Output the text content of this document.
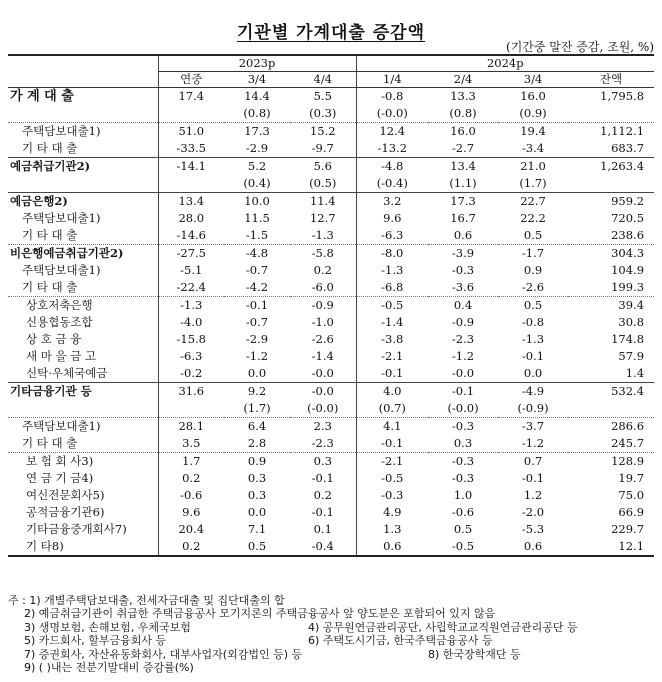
기관별 가계대출 증감액
(기간중 말잔 증감, 조원, %)
	2023p			2024p			
	연중	3/4	4/4	1/4	2/4	3/4	잔액
가 계 대 출	17.4	14.4	5.5	-0.8	13.3	16.0	1,795.8
		(0.8)	(0.3)	(-0.0)	(0.8)	(0.9)	
주택담보대출1)	51.0	17.3	15.2	12.4	16.0	19.4	1,112.1
기 타 대 출	-33.5	-2.9	-9.7	-13.2	-2.7	-3.4	683.7
예금취급기관2)	-14.1	5.2	5.6	-4.8	13.4	21.0	1,263.4
		(0.4)	(0.5)	(-0.4)	(1.1)	(1.7)	
예금은행2)	13.4	10.0	11.4	3.2	17.3	22.7	959.2
주택담보대출1)	28.0	11.5	12.7	9.6	16.7	22.2	720.5
기 타 대 출	-14.6	-1.5	-1.3	-6.3	0.6	0.5	238.6
비은행예금취급기관2)	-27.5	-4.8	-5.8	-8.0	-3.9	-1.7	304.3
주택담보대출1)	-5.1	-0.7	0.2	-1.3	-0.3	0.9	104.9
기 타 대 출	-22.4	-4.2	-6.0	-6.8	-3.6	-2.6	199.3
상호저축은행	-1.3	-0.1	-0.9	-0.5	0.4	0.5	39.4
신용협동조합	-4.0	-0.7	-1.0	-1.4	-0.9	-0.8	30.8
상 호 금 융	-15.8	-2.9	-2.6	-3.8	-2.3	-1.3	174.8
새 마 을 금 고	-6.3	-1.2	-1.4	-2.1	-1.2	-0.1	57.9
신탁·우체국예금	-0.2	0.0	-0.0	-0.1	-0.0	0.0	1.4
기타금융기관 등	31.6	9.2	-0.0	4.0	-0.1	-4.9	532.4
		(1.7)	(-0.0)	(0.7)	(-0.0)	(-0.9)	
주택담보대출1)	28.1	6.4	2.3	4.1	-0.3	-3.7	286.6
기 타 대 출	3.5	2.8	-2.3	-0.1	0.3	-1.2	245.7
보 험 회 사3)	1.7	0.9	0.3	-2.1	-0.3	0.7	128.9
연 금 기 금4)	0.2	0.3	-0.1	-0.5	-0.3	-0.1	19.7
여신전문회사5)	-0.6	0.3	0.2	-0.3	1.0	1.2	75.0
공적금융기관6)	9.6	0.0	-0.1	4.9	-0.6	-2.0	66.9
기타금융중개회사7)	20.4	7.1	0.1	1.3	0.5	-5.3	229.7
기 타8)	0.2	0.5	-0.4	0.6	-0.5	0.6	12.1
주 : 1) 개별주택담보대출, 전세자금대출 및 집단대출의 합
2) 예금취급기관이 취급한 주택금융공사 모기지론의 주택금융공사 앞 양도분은 포함되어 있지 않음
3) 생명보험, 손해보험, 우체국보험	4) 공무원연금관리공단, 사립학교교직원연금관리공단 등
5) 카드회사, 할부금융회사 등	6) 주택도시기금, 한국주택금융공사 등
7) 증권회사, 자산유동화회사, 대부사업자(외감법인 등) 등	8) 한국장학재단 등
9) ( )내는 전분기말대비 증감률(%)
